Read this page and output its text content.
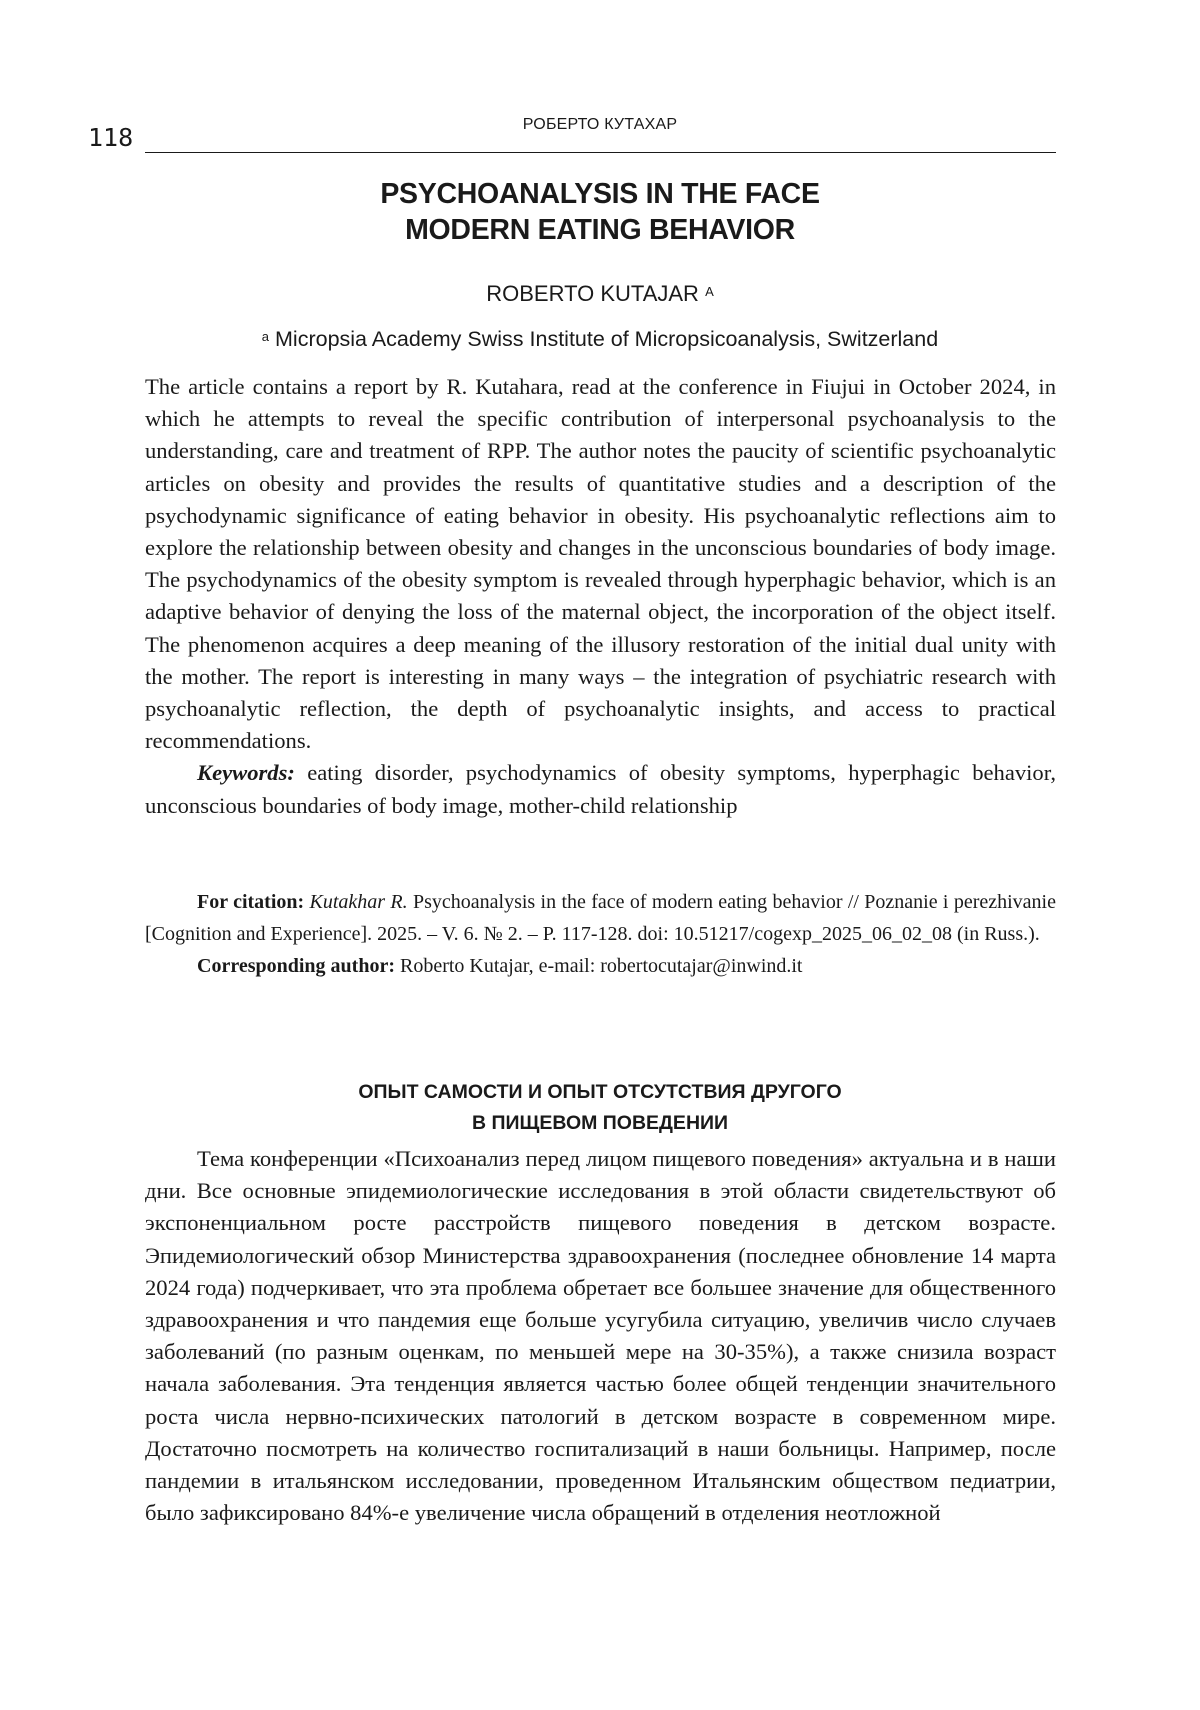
118	РОБЕРТО КУТАХАР
PSYCHOANALYSIS IN THE FACE
MODERN EATING BEHAVIOR
ROBERTO KUTAJAR $^A$
$^a$ Micropsia Academy Swiss Institute of Micropsicoanalysis, Switzerland

The article contains a report by R. Kutahara, read at the conference in Fiujui in October 2024, in which he attempts to reveal the specific contribution of interpersonal psychoanalysis to the understanding, care and treatment of RPP. The author notes the paucity of scientific psychoanalytic articles on obesity and provides the results of quantitative studies and a description of the psychodynamic significance of eating behavior in obesity. His psychoanalytic reflections aim to explore the relationship between obesity and changes in the unconscious boundaries of body image. The psychodynamics of the obesity symptom is revealed through hyperphagic behavior, which is an adaptive behavior of denying the loss of the maternal object, the incorporation of the object itself. The phenomenon acquires a deep meaning of the illusory restoration of the initial dual unity with the mother. The report is interesting in many ways – the integration of psychiatric research with psychoanalytic reflection, the depth of psychoanalytic insights, and access to practical recommendations.

Keywords: eating disorder, psychodynamics of obesity symptoms, hyperphagic behavior, unconscious boundaries of body image, mother-child relationship

For citation: Kutakhar R. Psychoanalysis in the face of modern eating behavior // Poznanie i perezhivanie [Cognition and Experience]. 2025. – V. 6. № 2. – P. 117-128. doi: 10.51217/cogexp_2025_06_02_08 (in Russ.).

Corresponding author: Roberto Kutajar, e-mail: robertocutajar@inwind.it

ОПЫТ САМОСТИ И ОПЫТ ОТСУТСТВИЯ ДРУГОГО
В ПИЩЕВОМ ПОВЕДЕНИИ

Тема конференции «Психоанализ перед лицом пищевого поведения» актуальна и в наши дни. Все основные эпидемиологические исследования в этой области свидетельствуют об экспоненциальном росте расстройств пищевого поведения в детском возрасте. Эпидемиологический обзор Министерства здравоохранения (последнее обновление 14 марта 2024 года) подчеркивает, что эта проблема обретает все большее значение для общественного здравоохранения и что пандемия еще больше усугубила ситуацию, увеличив число случаев заболеваний (по разным оценкам, по меньшей мере на 30-35%), а также снизила возраст начала заболевания. Эта тенденция является частью более общей тенденции значительного роста числа нервно-психических патологий в детском возрасте в современном мире. Достаточно посмотреть на количество госпитализаций в наши больницы. Например, после пандемии в итальянском исследовании, проведенном Итальянским обществом педиатрии, было зафиксировано 84%-е увеличение числа обращений в отделения неотложной
